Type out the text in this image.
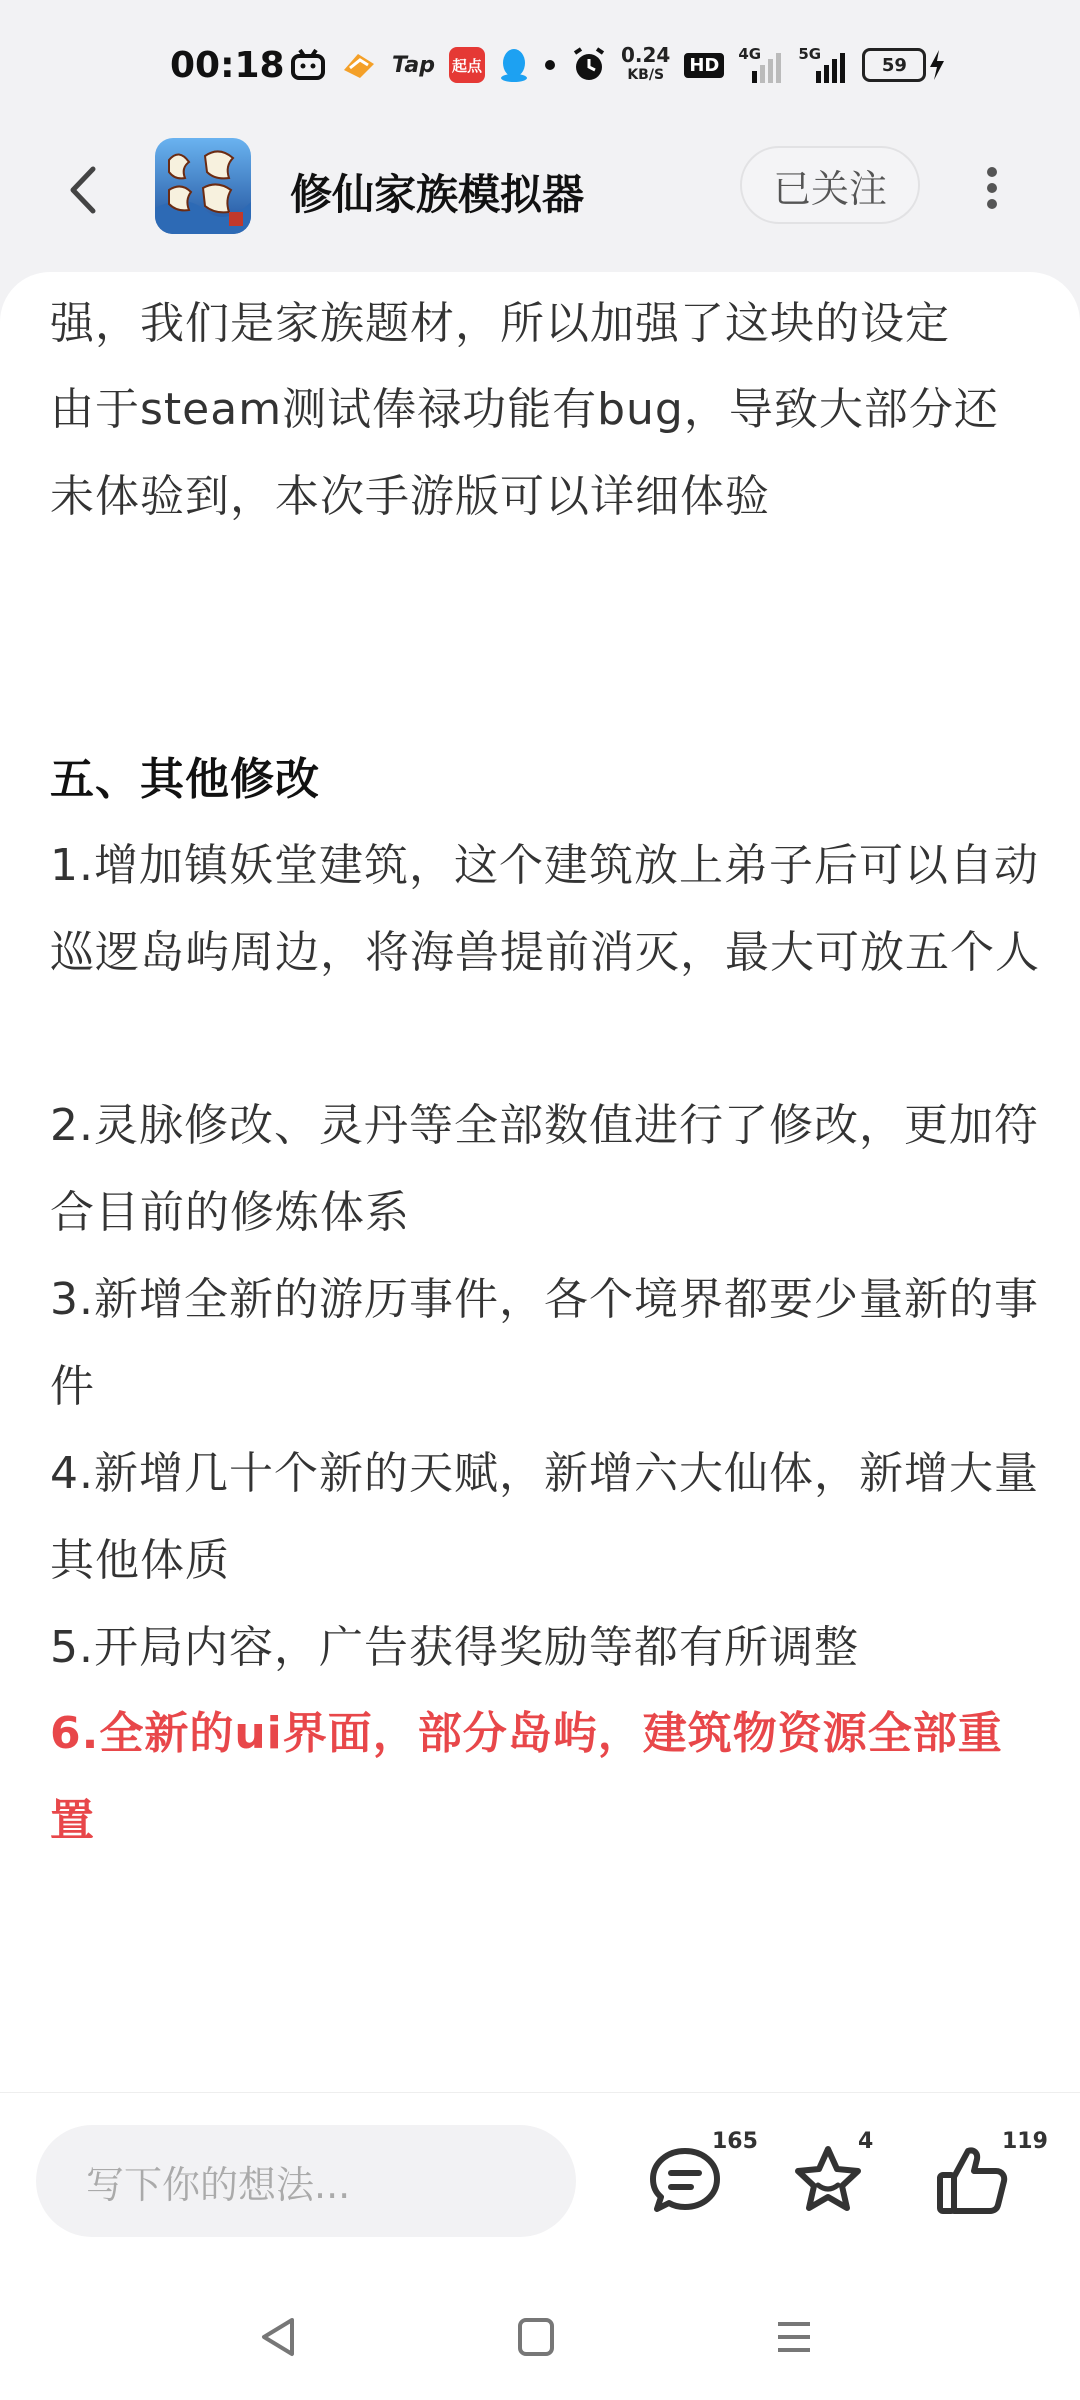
00:18	Tap 起点	0.24
KB/S HD
4G 5G
59
修仙家族模拟器	已关注
强，我们是家族题材，所以加强了这块的设定
由于steam测试俸禄功能有bug，导致大部分还未体验到，本次手游版可以详细体验
五、其他修改
1.增加镇妖堂建筑，这个建筑放上弟子后可以自动巡逻岛屿周边，将海兽提前消灭，最大可放五个人
2.灵脉修改、灵丹等全部数值进行了修改，更加符合目前的修炼体系
3.新增全新的游历事件，各个境界都要少量新的事件
4.新增几十个新的天赋，新增六大仙体，新增大量其他体质
5.开局内容，广告获得奖励等都有所调整
6.全新的ui界面，部分岛屿，建筑物资源全部重置
写下你的想法...
165	4	119
